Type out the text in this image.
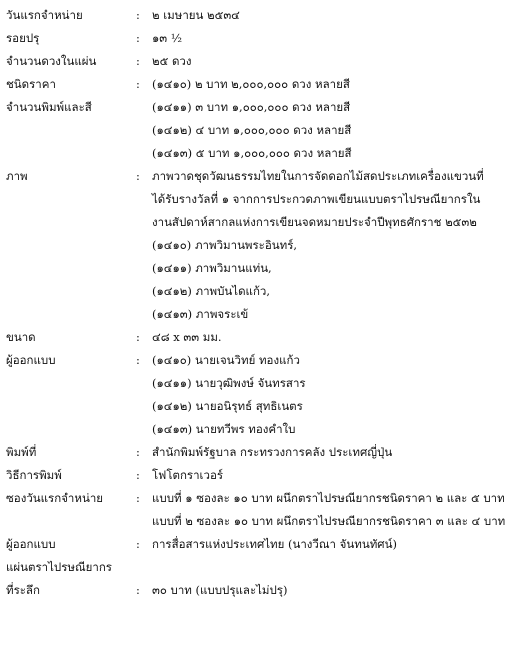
วันแรกจำหน่าย	:	๒ เมษายน ๒๕๓๔
รอยปรุ	:	๑๓ ½
จำนวนดวงในแผ่น	:	๒๕ ดวง
ชนิดราคา	:	(๑๔๑๐) ๒ บาท ๒,๐๐๐,๐๐๐ ดวง หลายสี
จำนวนพิมพ์และสี	(๑๔๑๑) ๓ บาท ๑,๐๐๐,๐๐๐ ดวง หลายสี
(๑๔๑๒) ๔ บาท ๑,๐๐๐,๐๐๐ ดวง หลายสี
(๑๔๑๓) ๕ บาท ๑,๐๐๐,๐๐๐ ดวง หลายสี
ภาพ	:	ภาพวาดชุดวัฒนธรรมไทยในการจัดดอกไม้สดประเภทเครื่องแขวนที่
ได้รับรางวัลที่ ๑ จากการประกวดภาพเขียนแบบตราไปรษณียากรใน
งานสัปดาห์สากลแห่งการเขียนจดหมายประจำปีพุทธศักราช ๒๕๓๒
(๑๔๑๐) ภาพวิมานพระอินทร์,
(๑๔๑๑) ภาพวิมานแท่น,
(๑๔๑๒) ภาพบันไดแก้ว,
(๑๔๑๓) ภาพจระเข้
ขนาด	:	๔๘ x ๓๓ มม.
ผู้ออกแบบ	:	(๑๔๑๐) นายเจนวิทย์ ทองแก้ว
(๑๔๑๑) นายวุฒิพงษ์ จันทรสาร
(๑๔๑๒) นายอนิรุทธ์ สุทธิเนตร
(๑๔๑๓) นายทวีพร ทองคำใบ
พิมพ์ที่	:	สำนักพิมพ์รัฐบาล กระทรวงการคลัง ประเทศญี่ปุ่น
วิธีการพิมพ์	:	โฟโตกราเวอร์
ซองวันแรกจำหน่าย	:	แบบที่ ๑ ซองละ ๑๐ บาท ผนึกตราไปรษณียากรชนิดราคา ๒ และ ๕ บาท
แบบที่ ๒ ซองละ ๑๐ บาท ผนึกตราไปรษณียากรชนิดราคา ๓ และ ๔ บาท
ผู้ออกแบบ	:	การสื่อสารแห่งประเทศไทย (นางวีณา จันทนทัศน์)
แผ่นตราไปรษณียากร

ที่ระลึก	:	๓๐ บาท (แบบปรุและไม่ปรุ)
